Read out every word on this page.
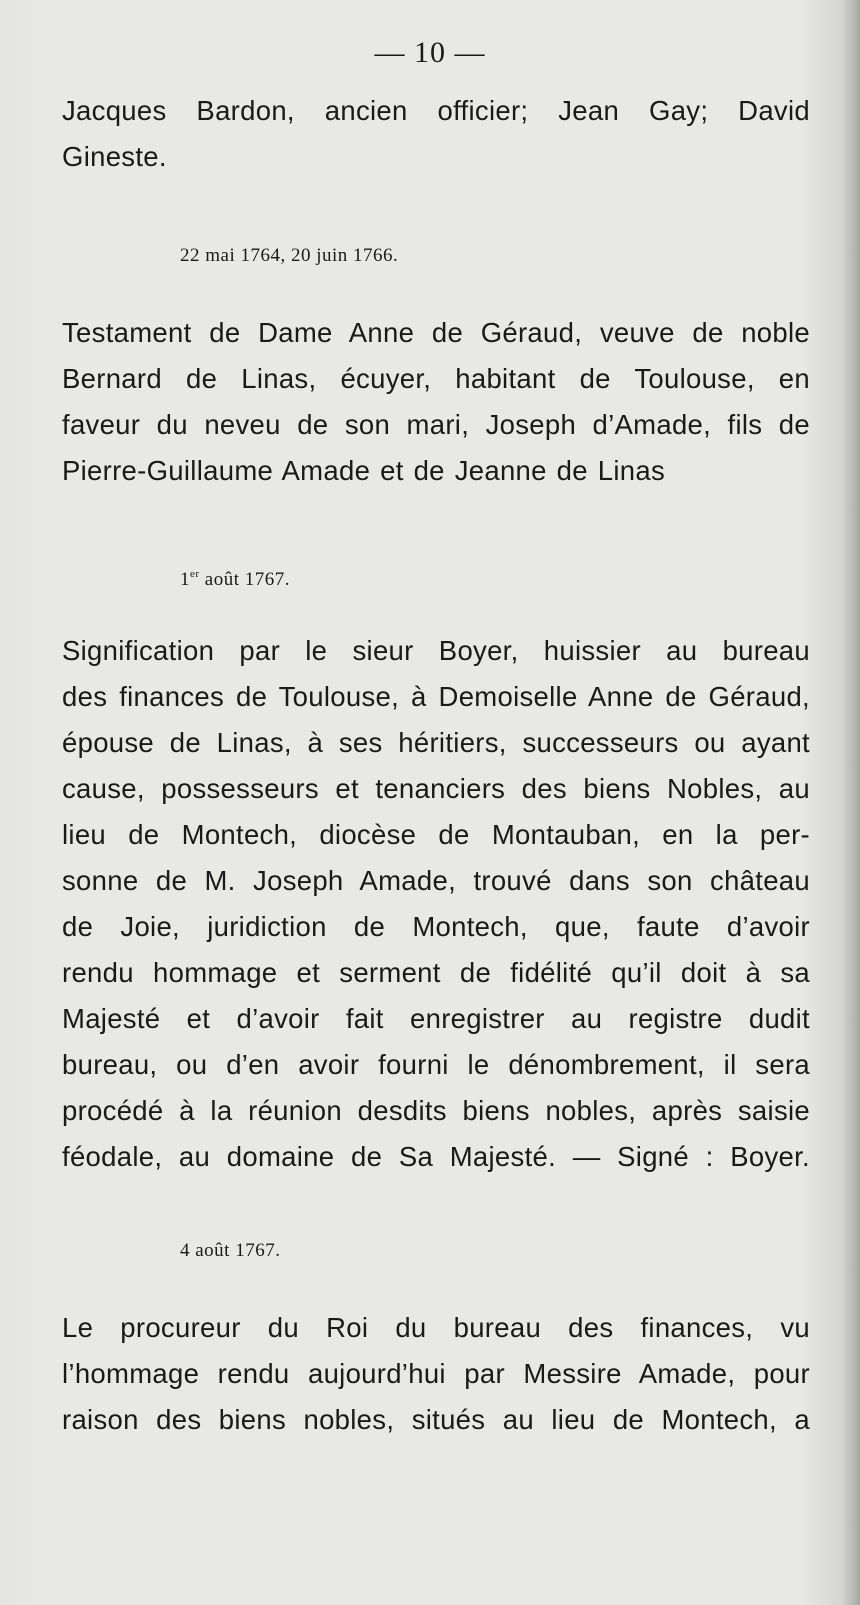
— 10 —
Jacques Bardon, ancien officier; Jean Gay; David
Gineste.
22 mai 1764, 20 juin 1766.
Testament de Dame Anne de Géraud, veuve de noble
Bernard de Linas, écuyer, habitant de Toulouse, en
faveur du neveu de son mari, Joseph d’Amade, fils de
Pierre-Guillaume Amade et de Jeanne de Linas
1er août 1767.
Signification par le sieur Boyer, huissier au bureau
des finances de Toulouse, à Demoiselle Anne de Géraud,
épouse de Linas, à ses héritiers, successeurs ou ayant
cause, possesseurs et tenanciers des biens Nobles, au
lieu de Montech, diocèse de Montauban, en la per-
sonne de M. Joseph Amade, trouvé dans son château
de Joie, juridiction de Montech, que, faute d’avoir
rendu hommage et serment de fidélité qu’il doit à sa
Majesté et d’avoir fait enregistrer au registre dudit
bureau, ou d’en avoir fourni le dénombrement, il sera
procédé à la réunion desdits biens nobles, après saisie
féodale, au domaine de Sa Majesté. — Signé : Boyer.
4 août 1767.
Le procureur du Roi du bureau des finances, vu
l’hommage rendu aujourd’hui par Messire Amade, pour
raison des biens nobles, situés au lieu de Montech, a
